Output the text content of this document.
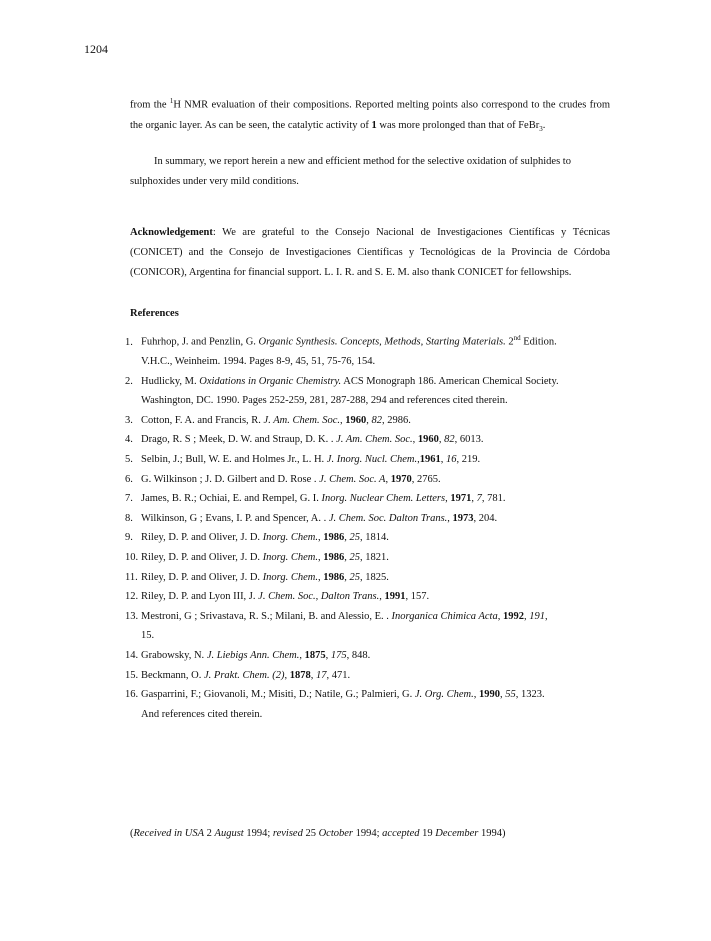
1204

from the $^1$H NMR evaluation of their compositions. Reported melting points also correspond to the crudes from the organic layer. As can be seen, the catalytic activity of 1 was more prolonged than that of FeBr$_3$.

In summary, we report herein a new and efficient method for the selective oxidation of sulphides to sulphoxides under very mild conditions.

Acknowledgement: We are grateful to the Consejo Nacional de Investigaciones Científicas y Técnicas (CONICET) and the Consejo de Investigaciones Científicas y Tecnológicas de la Provincia de Córdoba (CONICOR), Argentina for financial support. L. I. R. and S. E. M. also thank CONICET for fellowships.

References
1. Fuhrhop, J. and Penzlin, G. Organic Synthesis. Concepts, Methods, Starting Materials. 2nd Edition.
V.H.C., Weinheim. 1994. Pages 8-9, 45, 51, 75-76, 154.
2. Hudlicky, M. Oxidations in Organic Chemistry. ACS Monograph 186. American Chemical Society.
Washington, DC. 1990. Pages 252-259, 281, 287-288, 294 and references cited therein.
3. Cotton, F. A. and Francis, R. J. Am. Chem. Soc., 1960, 82, 2986.
4. Drago, R. S ; Meek, D. W. and Straup, D. K. . J. Am. Chem. Soc., 1960, 82, 6013.
5. Selbin, J.; Bull, W. E. and Holmes Jr., L. H. J. Inorg. Nucl. Chem.,1961, 16, 219.
6. G. Wilkinson ; J. D. Gilbert and D. Rose . J. Chem. Soc. A, 1970, 2765.
7. James, B. R.; Ochiai, E. and Rempel, G. I. Inorg. Nuclear Chem. Letters, 1971, 7, 781.
8. Wilkinson, G ; Evans, I. P. and Spencer, A. . J. Chem. Soc. Dalton Trans., 1973, 204.
9. Riley, D. P. and Oliver, J. D. Inorg. Chem., 1986, 25, 1814.
10. Riley, D. P. and Oliver, J. D. Inorg. Chem., 1986, 25, 1821.
11. Riley, D. P. and Oliver, J. D. Inorg. Chem., 1986, 25, 1825.
12. Riley, D. P. and Lyon III, J. J. Chem. Soc., Dalton Trans., 1991, 157.
13. Mestroni, G ; Srivastava, R. S.; Milani, B. and Alessio, E. . Inorganica Chimica Acta, 1992, 191,
15.
14. Grabowsky, N. J. Liebigs Ann. Chem., 1875, 175, 848.
15. Beckmann, O. J. Prakt. Chem. (2), 1878, 17, 471.
16. Gasparrini, F.; Giovanoli, M.; Misiti, D.; Natile, G.; Palmieri, G. J. Org. Chem., 1990, 55, 1323.
And references cited therein.
(Received in USA 2 August 1994; revised 25 October 1994; accepted 19 December 1994)
